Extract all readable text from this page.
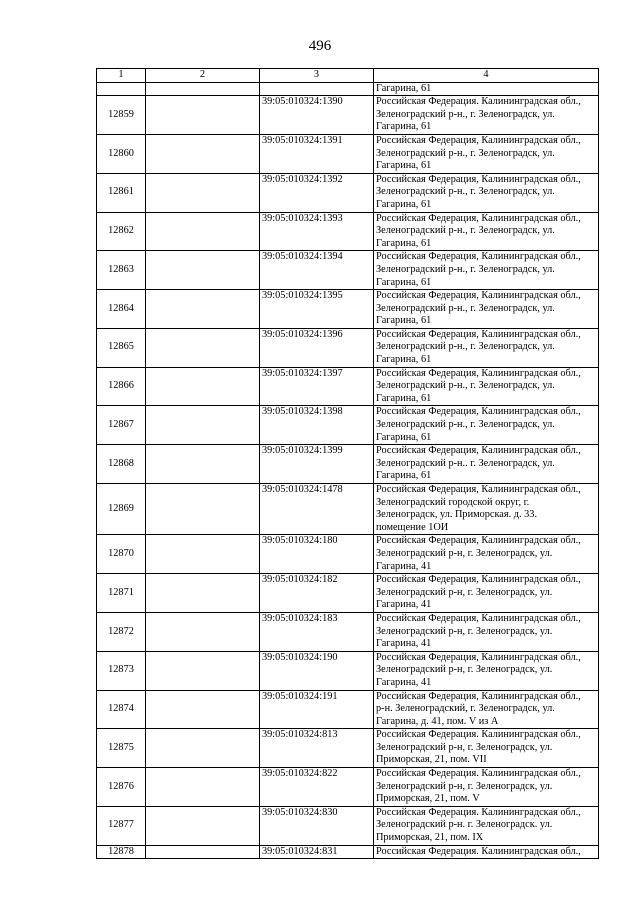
496
1	2	3	4
			Гагарина, 61
12859		39:05:010324:1390	Российская Федерация. Калининградская обл.,
Зеленоградский р-н., г. Зеленоградск, ул.
Гагарина, 61

12860		39:05:010324:1391	Российская Федерация, Калининградская обл.,
Зеленоградский р-н., г. Зеленоградск, ул.
Гагарина, 61

12861		39:05:010324:1392	Российская Федерация, Калининградская обл.,
Зеленоградский р-н., г. Зеленоградск, ул.
Гагарина, 61

12862		39:05:010324:1393	Российская Федерация, Калининградская обл.,
Зеленоградский р-н., г. Зеленоградск, ул.
Гагарина, 61

12863		39:05:010324:1394	Российская Федерация, Калининградская обл.,
Зеленоградский р-н., г. Зеленоградск, ул.
Гагарина, 61

12864		39:05:010324:1395	Российская Федерация, Калининградская обл.,
Зеленоградский р-н., г. Зеленоградск, ул.
Гагарина, 61

12865		39:05:010324:1396	Российская Федерация, Калининградская обл.,
Зеленоградский р-н., г. Зеленоградск, ул.
Гагарина, 61

12866		39:05:010324:1397	Российская Федерация, Калининградская обл.,
Зеленоградский р-н., г. Зеленоградск, ул.
Гагарина, 61

12867		39:05:010324:1398	Российская Федерация, Калининградская обл.,
Зеленоградский р-н., г. Зеленоградск, ул.
Гагарина, 61

12868		39:05:010324:1399	Российская Федерация, Калининградская обл.,
Зеленоградский р-н.. г. Зеленоградск, ул.
Гагарина, 61

12869		39:05:010324:1478	Российская Федерация, Калининградская обл.,
Зеленоградский городской округ, г.
Зеленоградск, ул. Приморская. д. 33.
помещение 1ОИ

12870		39:05:010324:180	Российская Федерация, Калининградская обл.,
Зеленоградский р-н, г. Зеленоградск, ул.
Гагарина, 41

12871		39:05:010324:182	Российская Федерация, Калининградская обл.,
Зеленоградский р-н, г. Зеленоградск, ул.
Гагарина, 41

12872		39:05:010324:183	Российская Федерация, Калининградская обл.,
Зеленоградский р-н, г. Зеленоградск, ул.
Гагарина, 41

12873		39:05:010324:190	Российская Федерация, Калининградская обл.,
Зеленоградский р-н, г. Зеленоградск, ул.
Гагарина, 41

12874		39:05:010324:191	Российская Федерация, Калининградская обл.,
р-н. Зеленоградский, г. Зеленоградск, ул.
Гагарина, д. 41, пом. V из А

12875		39:05:010324:813	Российская Федерация. Калининградская обл.,
Зеленоградский р-н, г. Зеленоградск, ул.
Приморская, 21, пом. VII

12876		39:05:010324:822	Российская Федерация. Калининградская обл.,
Зеленоградский р-н, г. Зеленоградск, ул.
Приморская, 21, пом. V

12877		39:05:010324:830	Российская Федерация. Калининградская обл.,
Зеленоградский р-н. г. Зеленоградск. ул.
Приморская, 21, пом. IX

12878		39:05:010324:831	Российская Федерация. Калининградская обл.,
